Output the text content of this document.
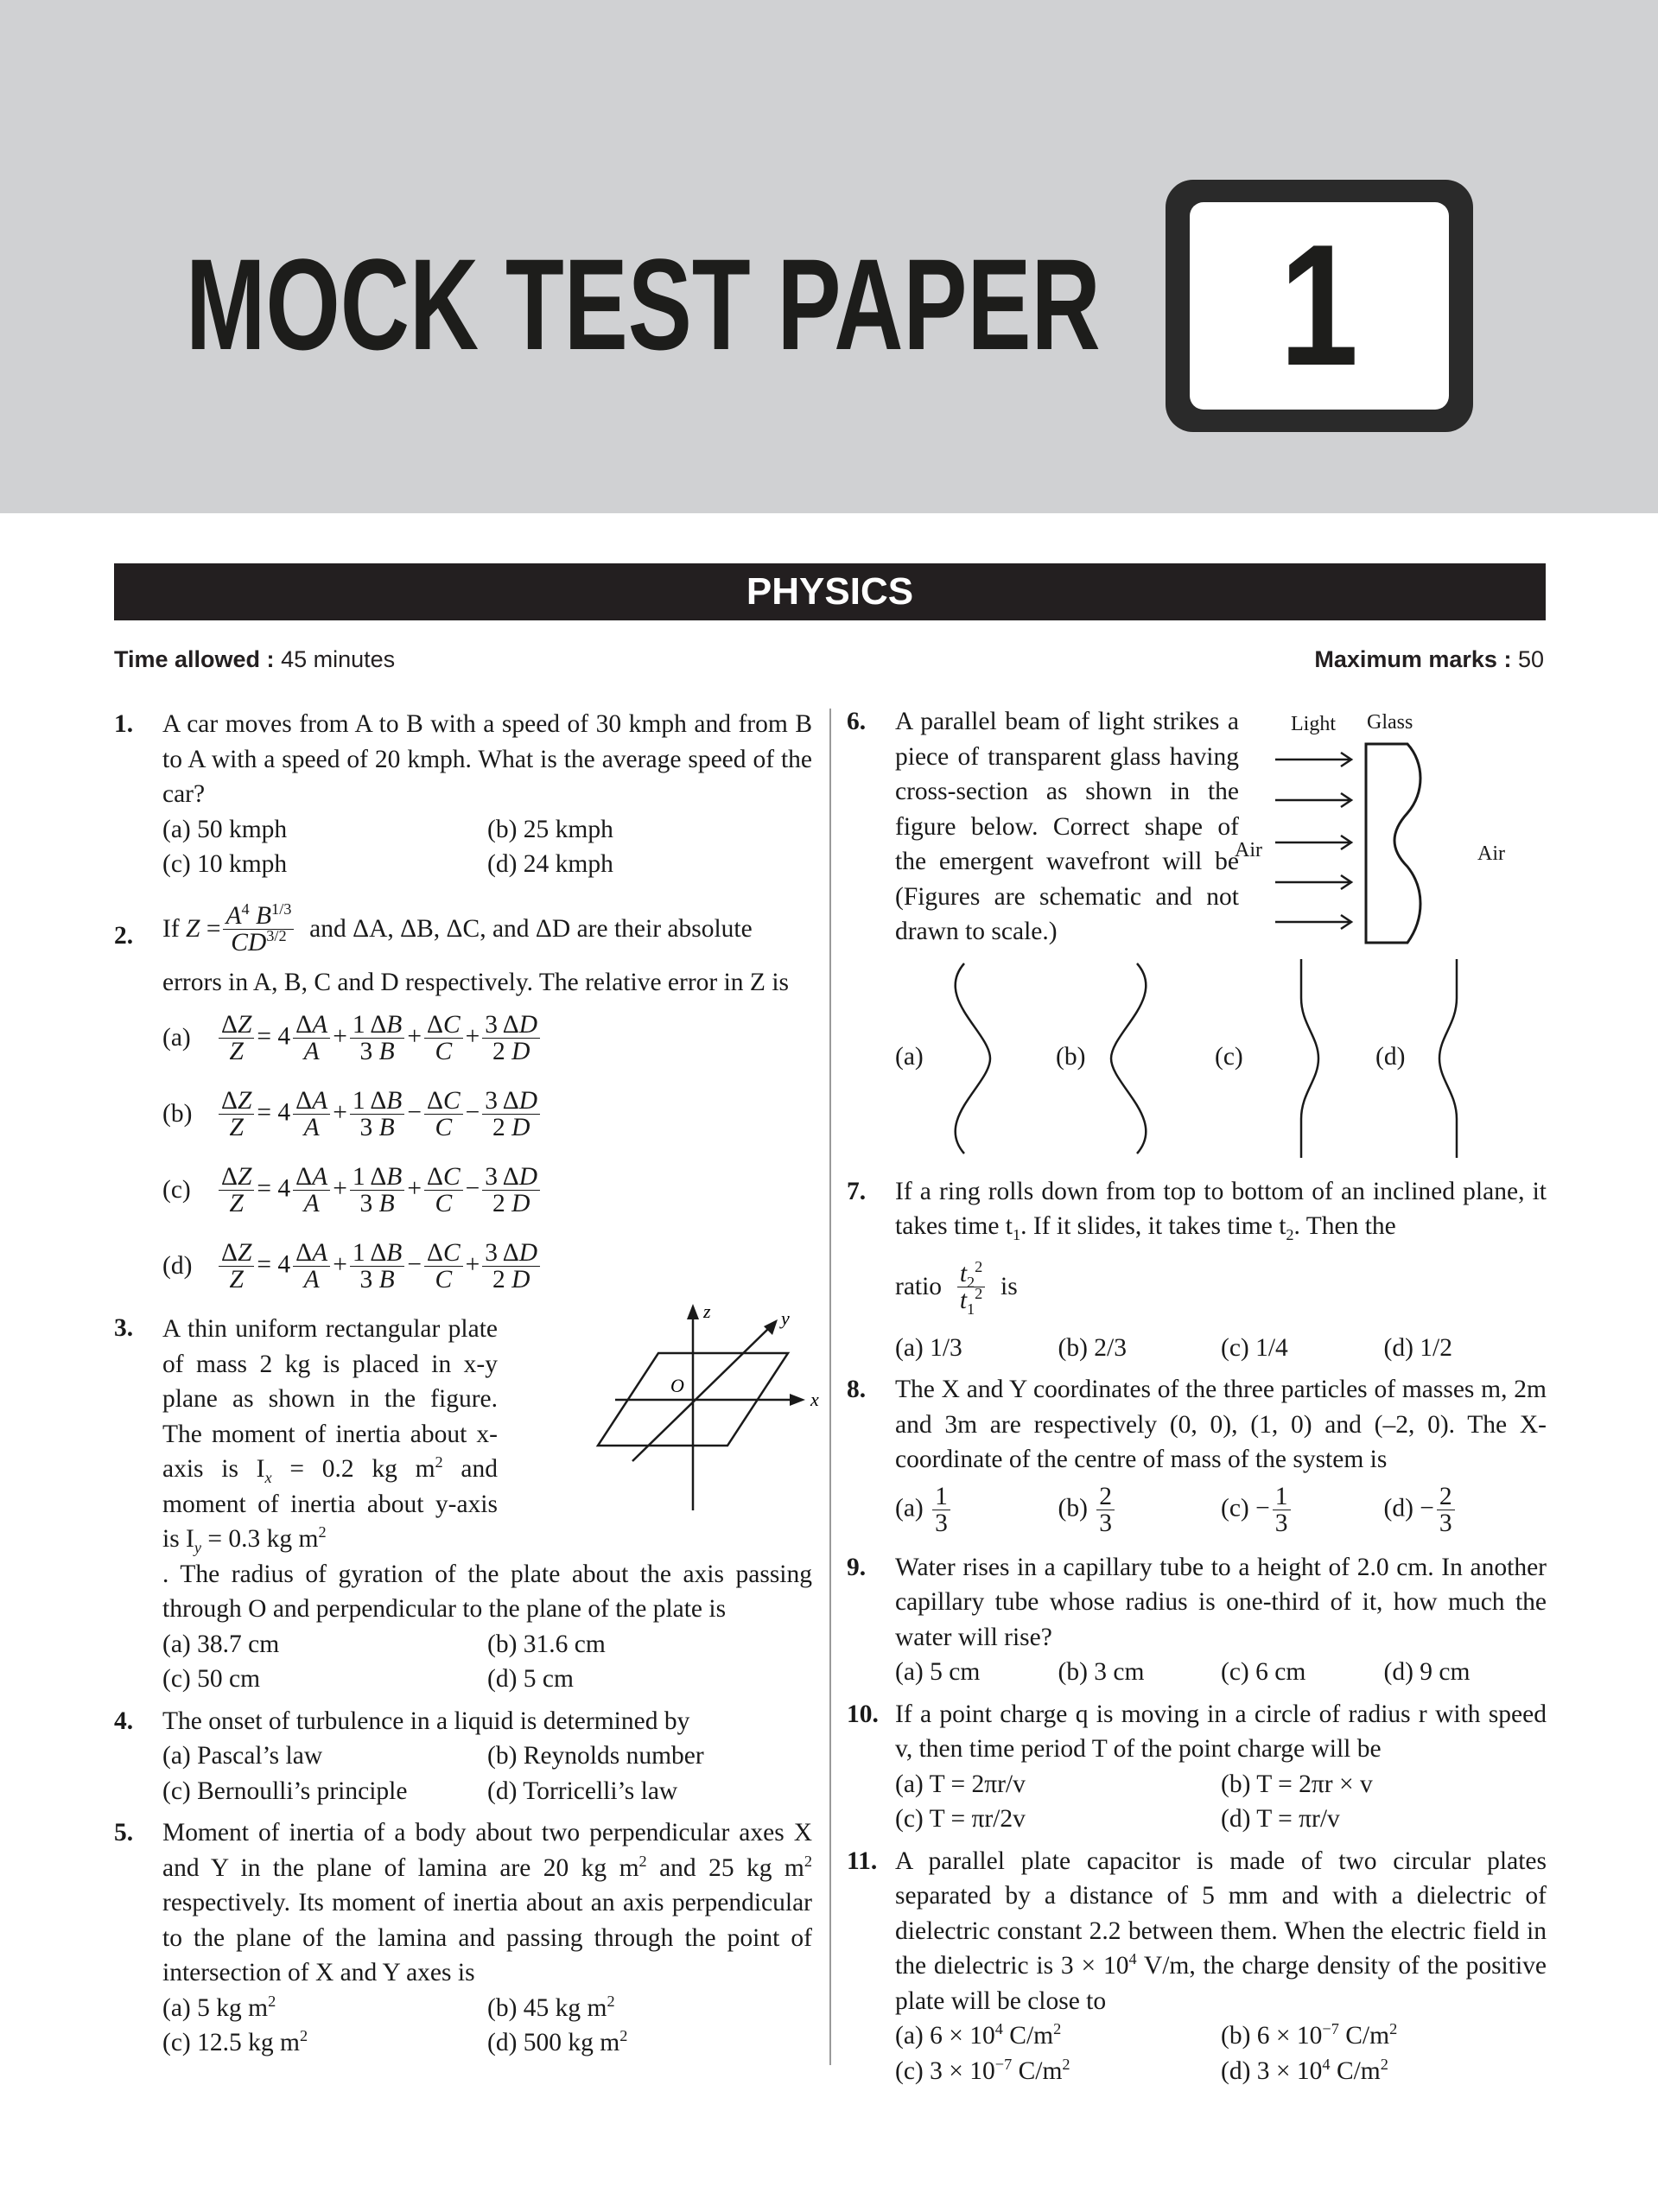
MOCK TEST PAPER 1
PHYSICS
Time allowed : 45 minutes	Maximum marks : 50
1. A car moves from A to B with a speed of 30 kmph and from B to A with a speed of 20 kmph. What is the average speed of the car?
(a) 50 kmph	(b) 25 kmph
(c) 10 kmph	(d) 24 kmph
2. If
$Z = \frac{A^4 B^{1/3}}{CD^{3/2}}$
and ΔA, ΔB, ΔC, and ΔD are their absolute
errors in A, B, C and D respectively. The relative error in Z is
(a)	$\frac{\Delta Z}{Z} = 4 \frac{\Delta A}{A} + \frac{1 \Delta B}{3 B} + \frac{\Delta C}{C} + \frac{3 \Delta D}{2 D}$
(b)	$\frac{\Delta Z}{Z} = 4 \frac{\Delta A}{A} + \frac{1 \Delta B}{3 B} - \frac{\Delta C}{C} - \frac{3 \Delta D}{2 D}$
(c)	$\frac{\Delta Z}{Z} = 4 \frac{\Delta A}{A} + \frac{1 \Delta B}{3 B} + \frac{\Delta C}{C} - \frac{3 \Delta D}{2 D}$
(d)	$\frac{\Delta Z}{Z} = 4 \frac{\Delta A}{A} + \frac{1 \Delta B}{3 B} - \frac{\Delta C}{C} + \frac{3 \Delta D}{2 D}$
3. A thin uniform rectangular plate of mass 2 kg is placed in x-y plane as shown in the figure. The moment of inertia about x-axis is $I_x = 0.2$ kg $m^2$ and moment of inertia about y-axis is $I_y = 0.3$ kg $m^2$
z	y
x
O
. The radius of gyration of the plate about the axis passing through O and perpendicular to the plane of the plate is
(a) 38.7 cm	(b) 31.6 cm
(c) 50 cm	(d) 5 cm
4. The onset of turbulence in a liquid is determined by
(a) Pascal’s law	(b) Reynolds number
(c) Bernoulli’s principle	(d) Torricelli’s law
5. Moment of inertia of a body about two perpendicular axes X and Y in the plane of lamina are 20 kg $m^2$ and 25 kg $m^2$ respectively. Its moment of inertia about an axis perpendicular to the plane of the lamina and passing through the point of intersection of X and Y axes is
(a) 5 kg $m^2$	(b) 45 kg $m^2$
(c) 12.5 kg $m^2$	(d) 500 kg $m^2$
6. A parallel beam of light strikes a piece of transparent glass having cross-section as shown in the figure below. Correct shape of the emergent wavefront will be (Figures are schematic and not drawn to scale.)
Light Glass
Air	Air
(a)	(b)	(c)	(d)
7. If a ring rolls down from top to bottom of an inclined plane, it takes time $t_1$. If it slides, it takes time $t_2$. Then the
ratio
$t_2^2$
$t_1^2$
is
(a) 1/3	(b) 2/3	(c) 1/4	(d) 1/2
8. The X and Y coordinates of the three particles of masses m, 2m and 3m are respectively (0, 0), (1, 0) and (–2, 0). The X-coordinate of the centre of mass of the system is
$(a) \frac{1}{3}$	$(b) \frac{2}{3}$	$(c) - \frac{1}{3}$	$(d) - \frac{2}{3}$
9. Water rises in a capillary tube to a height of 2.0 cm. In another capillary tube whose radius is one-third of it, how much the water will rise?
(a) 5 cm	(b) 3 cm	(c) 6 cm	(d) 9 cm
10. If a point charge q is moving in a circle of radius r with speed v, then time period T of the point charge will be
(a) T = 2πr/v	(b) T = 2πr × v
(c) T = πr/2v	(d) T = πr/v
11. A parallel plate capacitor is made of two circular plates separated by a distance of 5 mm and with a dielectric of dielectric constant 2.2 between them. When the electric field in the dielectric is $3 \times 10^4$ V/m, the charge density of the positive plate will be close to
(a) $6 \times 10^4$ $C/m^2$	(b) $6 \times 10^{-7}$ $C/m^2$
(c) $3 \times 10^{-7}$ $C/m^2$	(d) $3 \times 10^4$ $C/m^2$
